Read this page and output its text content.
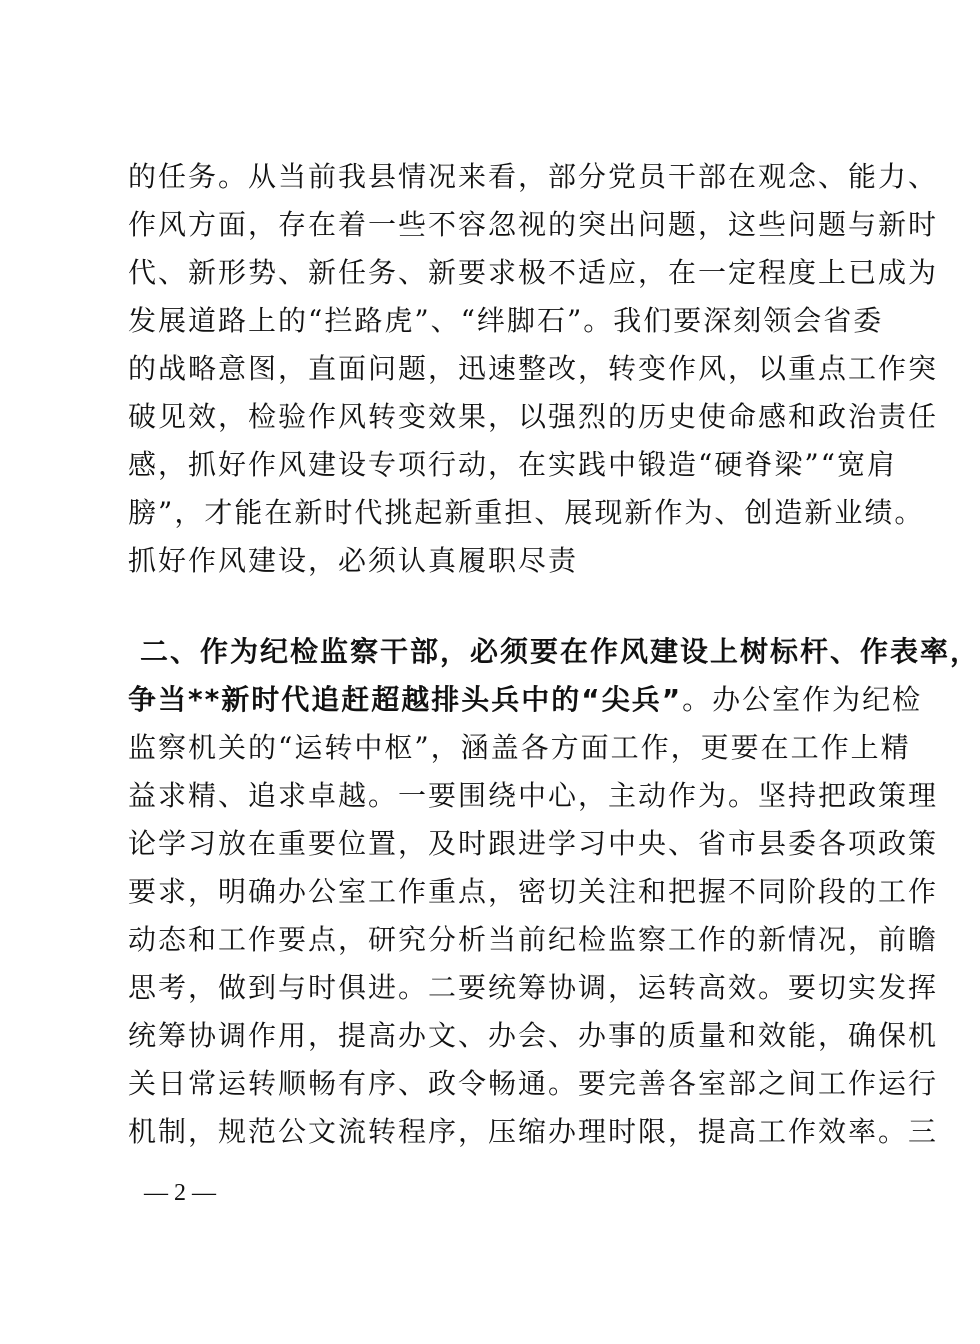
的任务。从当前我县情况来看，部分党员干部在观念、能力、
作风方面，存在着一些不容忽视的突出问题，这些问题与新时
代、新形势、新任务、新要求极不适应，在一定程度上已成为
发展道路上的“拦路虎”、“绊脚石”。我们要深刻领会省委
的战略意图，直面问题，迅速整改，转变作风，以重点工作突
破见效，检验作风转变效果，以强烈的历史使命感和政治责任
感，抓好作风建设专项行动，在实践中锻造“硬脊梁”“宽肩
膀”，才能在新时代挑起新重担、展现新作为、创造新业绩。
抓好作风建设，必须认真履职尽责
二、作为纪检监察干部，必须要在作风建设上树标杆、作表率，
争当**新时代追赶超越排头兵中的“尖兵”。办公室作为纪检
监察机关的“运转中枢”，涵盖各方面工作，更要在工作上精
益求精、追求卓越。一要围绕中心，主动作为。坚持把政策理
论学习放在重要位置，及时跟进学习中央、省市县委各项政策
要求，明确办公室工作重点，密切关注和把握不同阶段的工作
动态和工作要点，研究分析当前纪检监察工作的新情况，前瞻
思考，做到与时俱进。二要统筹协调，运转高效。要切实发挥
统筹协调作用，提高办文、办会、办事的质量和效能，确保机
关日常运转顺畅有序、政令畅通。要完善各室部之间工作运行
机制，规范公文流转程序，压缩办理时限，提高工作效率。三
— 2 —
